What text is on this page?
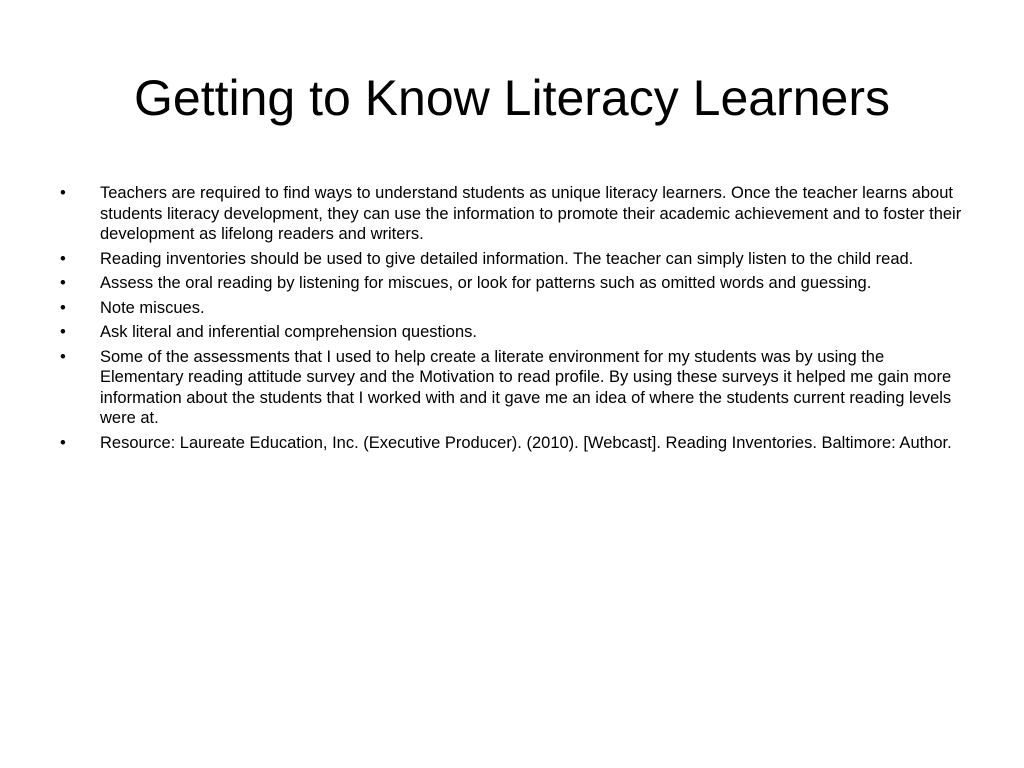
Getting to Know Literacy Learners
•	Teachers are required to find ways to understand students as unique literacy learners. Once the teacher learns about students literacy development, they can use the information to promote their academic achievement and to foster their development as lifelong readers and writers.
•	Reading inventories should be used to give detailed information. The teacher can simply listen to the child read.
•	Assess the oral reading by listening for miscues, or look for patterns such as omitted words and guessing.
•	Note miscues.
•	Ask literal and inferential comprehension questions.
•	Some of the assessments that I used to help create a literate environment for my students was by using the Elementary reading attitude survey and the Motivation to read profile. By using these surveys it helped me gain more information about the students that I worked with and it gave me an idea of where the students current reading levels were at.
•	Resource: Laureate Education, Inc. (Executive Producer). (2010). [Webcast]. Reading Inventories. Baltimore: Author.
